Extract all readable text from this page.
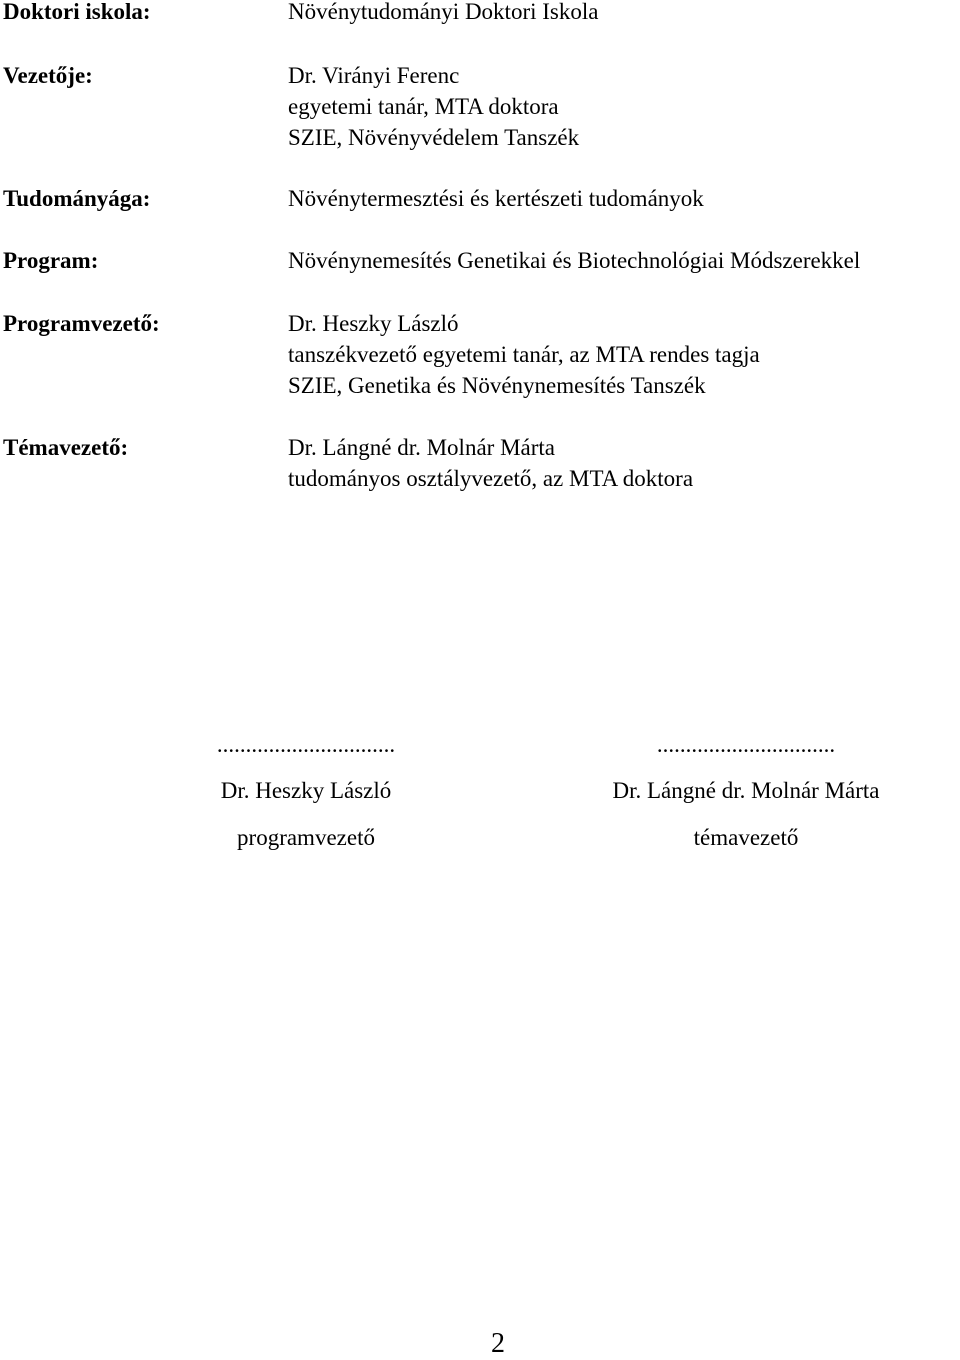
Doktori iskola:	Növénytudományi Doktori Iskola
Vezetője:	Dr. Virányi Ferenc
egyetemi tanár, MTA doktora
SZIE, Növényvédelem Tanszék
Tudományága:	Növénytermesztési és kertészeti tudományok
Program:	Növénynemesítés Genetikai és Biotechnológiai Módszerekkel
Programvezető:	Dr. Heszky László
tanszékvezető egyetemi tanár, az MTA rendes tagja
SZIE, Genetika és Növénynemesítés Tanszék
Témavezető:	Dr. Lángné dr. Molnár Márta
tudományos osztályvezető, az MTA doktora
...............................
Dr. Heszky László
programvezető
...............................
Dr. Lángné dr. Molnár Márta
témavezető
2
